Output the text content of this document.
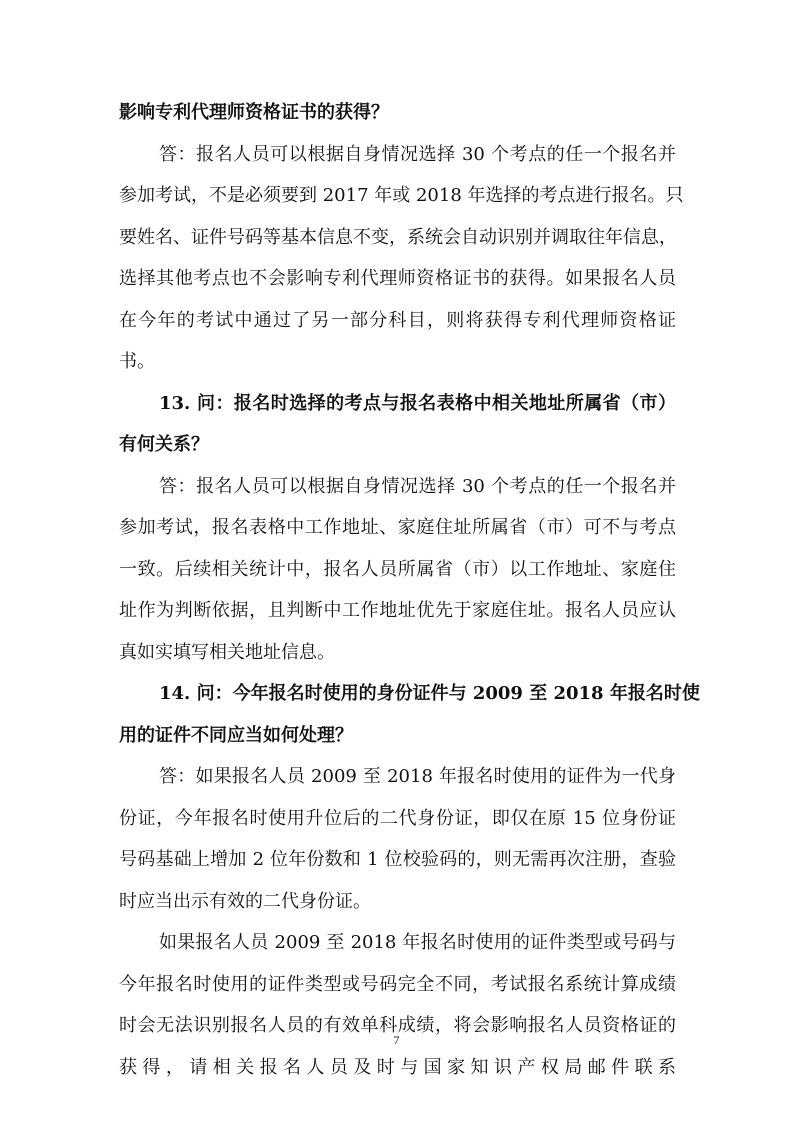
影响专利代理师资格证书的获得？
答：报名人员可以根据自身情况选择 30 个考点的任一个报名并
参加考试，不是必须要到 2017 年或 2018 年选择的考点进行报名。只
要姓名、证件号码等基本信息不变，系统会自动识别并调取往年信息，
选择其他考点也不会影响专利代理师资格证书的获得。如果报名人员
在今年的考试中通过了另一部分科目，则将获得专利代理师资格证
书。
13. 问：报名时选择的考点与报名表格中相关地址所属省（市）
有何关系？
答：报名人员可以根据自身情况选择 30 个考点的任一个报名并
参加考试，报名表格中工作地址、家庭住址所属省（市）可不与考点
一致。后续相关统计中，报名人员所属省（市）以工作地址、家庭住
址作为判断依据，且判断中工作地址优先于家庭住址。报名人员应认
真如实填写相关地址信息。
14. 问：今年报名时使用的身份证件与 2009 至 2018 年报名时使
用的证件不同应当如何处理？
答：如果报名人员 2009 至 2018 年报名时使用的证件为一代身
份证，今年报名时使用升位后的二代身份证，即仅在原 15 位身份证
号码基础上增加 2 位年份数和 1 位校验码的，则无需再次注册，查验
时应当出示有效的二代身份证。
如果报名人员 2009 至 2018 年报名时使用的证件类型或号码与
今年报名时使用的证件类型或号码完全不同，考试报名系统计算成绩
时会无法识别报名人员的有效单科成绩，将会影响报名人员资格证的
获得，请相关报名人员及时与国家知识产权局邮件联系
7
